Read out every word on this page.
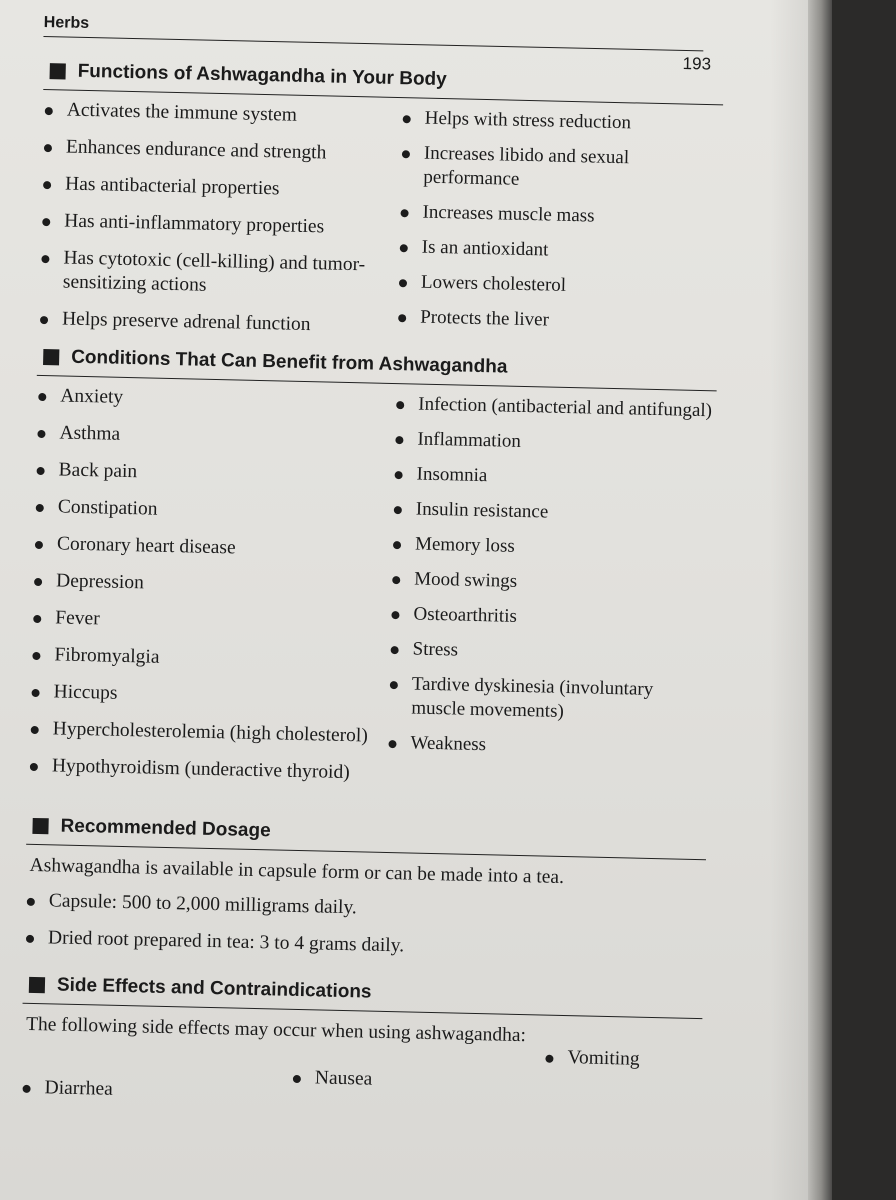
Herbs
193
Functions of Ashwagandha in Your Body
Activates the immune system
Enhances endurance and strength
Has antibacterial properties
Has anti-inflammatory properties
Has cytotoxic (cell-killing) and tumor-sensitizing actions
Helps preserve adrenal function
Helps with stress reduction
Increases libido and sexual performance
Increases muscle mass
Is an antioxidant
Lowers cholesterol
Protects the liver
Conditions That Can Benefit from Ashwagandha
Anxiety
Asthma
Back pain
Constipation
Coronary heart disease
Depression
Fever
Fibromyalgia
Hiccups
Hypercholesterolemia (high cholesterol)
Hypothyroidism (underactive thyroid)
Infection (antibacterial and antifungal)
Inflammation
Insomnia
Insulin resistance
Memory loss
Mood swings
Osteoarthritis
Stress
Tardive dyskinesia (involuntary muscle movements)
Weakness
Recommended Dosage
Ashwagandha is available in capsule form or can be made into a tea.
Capsule: 500 to 2,000 milligrams daily.
Dried root prepared in tea: 3 to 4 grams daily.
Side Effects and Contraindications
The following side effects may occur when using ashwagandha:
Diarrhea	Nausea
Vomiting
